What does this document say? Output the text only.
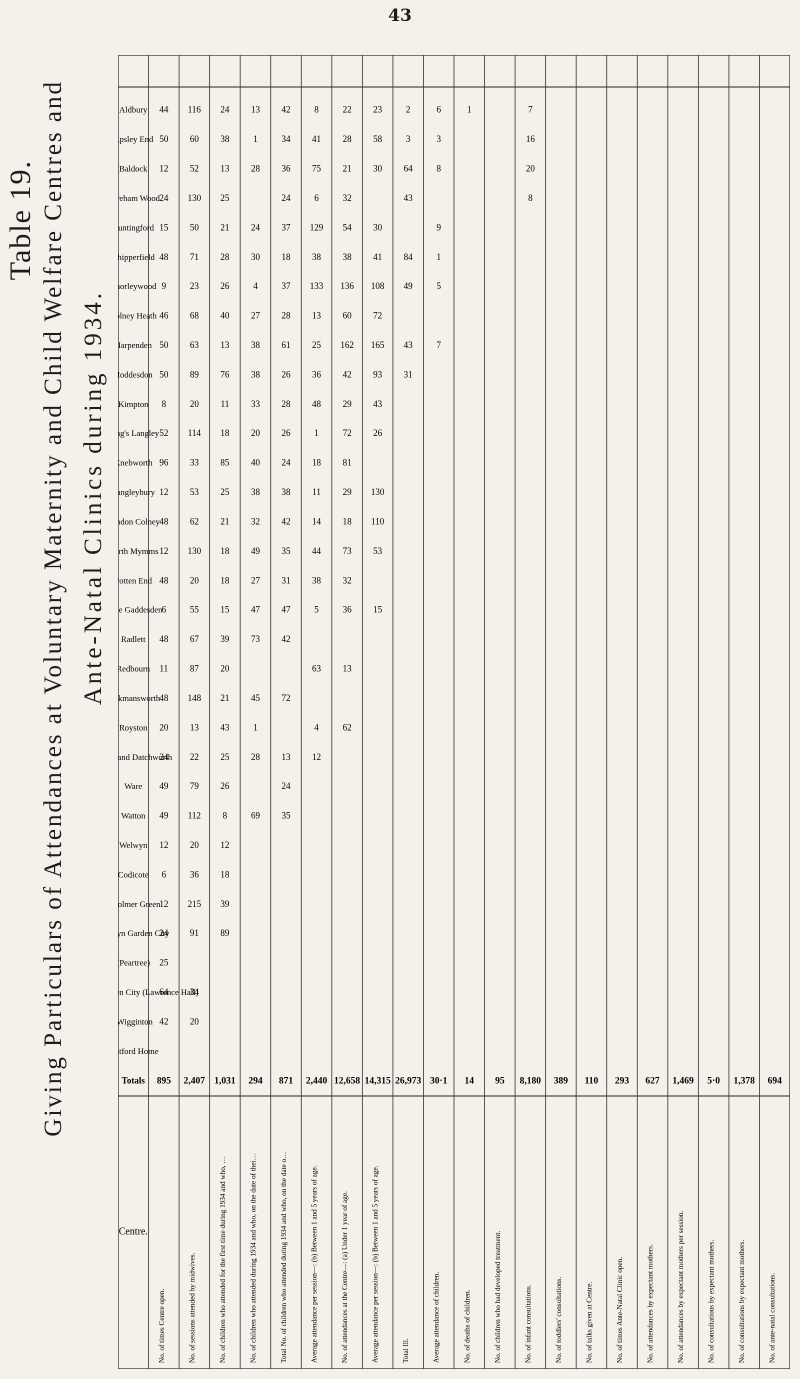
43
Table 19. Giving Particulars of Attendances at Voluntary Maternity and Child Welfare Centres and Ante-Natal Clinics during 1934.
Aldbury
psley End
Baldock
eham Wood
untingford
hipperfield
orleywood
lney Heath
Harpenden
oddesdon
Kimpton
g's Langley
nebworth
angleybury
ndon Colney
rth Mymms
Potten End
e Gaddesden
Radlett
Redbourn
kmansworth
Royston
and Datchworth
Ware
Watton
Welwyn
Codicote
olmer Green
yn Garden City
(Peartree)
n City (Lawrence Hall)
Wigginton
tford Home
Totals
Centre.
44
50
12
24
15
48
9
46
50
50
8
52
96
12
48
12
48
6
48
11
48
20
24
49
49
12
6
12
24
25
64
42
895
No. of times Centre open.
116
60
52
130
50
71
23
68
63
89
20
114
33
53
62
130
20
55
67
87
148
13
22
79
112
20
36
215
91
34
20
2,407
No. of sessions attended by midwives.
24
38
13
25
21
28
26
40
13
76
11
18
85
25
21
18
18
15
39
20
21
43
25
26
8
12
18
39
89
1,031
No. of children who attended for the first time during 1934 and who, …
13
1
28
24
30
4
27
38
38
33
20
40
38
32
49
27
47
73
45
1
28
69
294
No. of children who attended during 1934 and who, on the date of thei…
42
34
36
24
37
18
37
28
61
26
28
26
24
38
42
35
31
47
42
72
13
24
35
871
Total No. of children who attended during 1934 and who, on the date o…
8
41
75
6
129
38
133
13
25
36
48
1
18
11
14
44
38
5
63
4
12
2,440
Average attendance per session—: (b) Between 1 and 5 years of age.
22
28
21
32
54
38
136
60
162
42
29
72
81
29
18
73
32
36
13
62
12,658
No. of attendances at the Centre—: (a) Under 1 year of age.
23
58
30
30
41
108
72
165
93
43
26
130
110
53
15
14,315
Average attendance per session—: (b) Between 1 and 5 years of age.
2
3
64
43
84
49
43
31
26,973
Total Ill.
6
3
8
9
1
5
7
30·1
Average attendance of children.
1
14
No. of deaths of children.
95
No. of children who had developed treatment.
7
16
20
8
8,180
No. of infant consultations.
389
No. of toddlers' consultations.
110
No. of talks given at Centre.
293
No. of times Ante-Natal Clinic open.
627
No. of attendances by expectant mothers.
1,469
No. of attendances by expectant mothers per session.
5·0
No. of consultations by expectant mothers.
1,378
No. of consultations by expectant mothers.
694
No. of ante-natal consultations.
